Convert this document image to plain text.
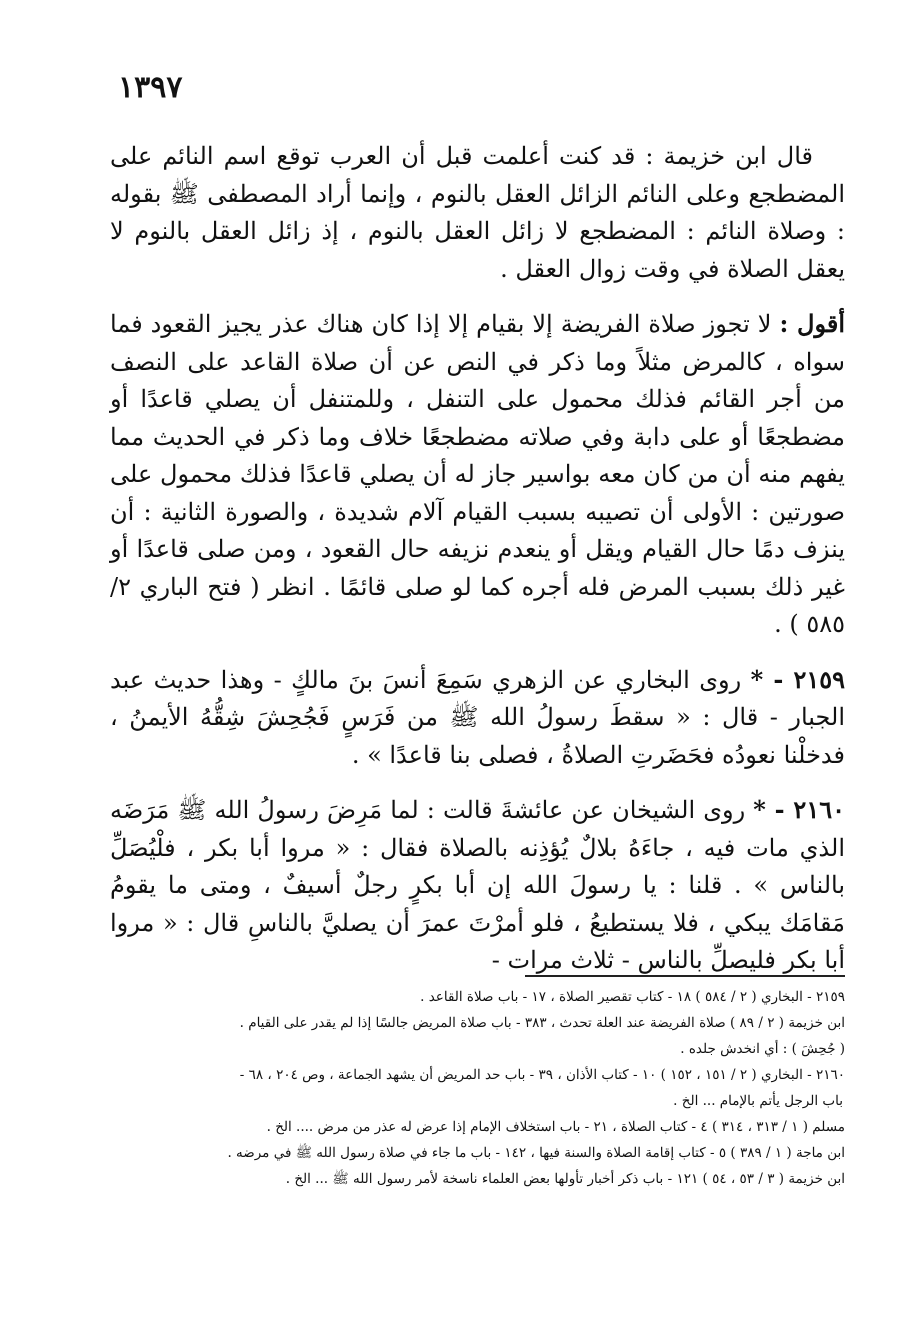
١٣٩٧

قال ابن خزيمة : قد كنت أعلمت قبل أن العرب توقع اسم النائم على المضطجع وعلى النائم الزائل العقل بالنوم ، وإنما أراد المصطفى ﷺ بقوله : وصلاة النائم : المضطجع لا زائل العقل بالنوم ، إذ زائل العقل بالنوم لا يعقل الصلاة في وقت زوال العقل .

أقول : لا تجوز صلاة الفريضة إلا بقيام إلا إذا كان هناك عذر يجيز القعود فما سواه ، كالمرض مثلاً وما ذكر في النص عن أن صلاة القاعد على النصف من أجر القائم فذلك محمول على التنفل ، وللمتنفل أن يصلي قاعدًا أو مضطجعًا أو على دابة وفي صلاته مضطجعًا خلاف وما ذكر في الحديث مما يفهم منه أن من كان معه بواسير جاز له أن يصلي قاعدًا فذلك محمول على صورتين : الأولى أن تصيبه بسبب القيام آلام شديدة ، والصورة الثانية : أن ينزف دمًا حال القيام ويقل أو ينعدم نزيفه حال القعود ، ومن صلى قاعدًا أو غير ذلك بسبب المرض فله أجره كما لو صلى قائمًا . انظر ( فتح الباري ٢/ ٥٨٥ ) .

٢١٥٩ - * روى البخاري عن الزهري سَمِعَ أنسَ بنَ مالكٍ - وهذا حديث عبد الجبار - قال : « سقطَ رسولُ الله ﷺ من فَرَسٍ فَجُحِشَ شِقُّهُ الأيمنُ ، فدخلْنا نعودُه فحَضَرتِ الصلاةُ ، فصلى بنا قاعدًا » .

٢١٦٠ - * روى الشيخان عن عائشةَ قالت : لما مَرِضَ رسولُ الله ﷺ مَرَضَه الذي مات فيه ، جاءَهُ بلالٌ يُؤذِنه بالصلاة فقال : « مروا أبا بكر ، فلْيُصَلِّ بالناس » . قلنا : يا رسولَ الله إن أبا بكرٍ رجلٌ أسيفٌ ، ومتى ما يقومُ مَقامَك يبكي ، فلا يستطيعُ ، فلو أمرْتَ عمرَ أن يصليَّ بالناسِ قال : « مروا أبا بكر فليصلِّ بالناس - ثلاث مرات -

٢١٥٩ - البخاري ( ٢ / ٥٨٤ ) ١٨ - كتاب تقصير الصلاة ، ١٧ - باب صلاة القاعد .
ابن خزيمة ( ٢ / ٨٩ ) صلاة الفريضة عند العلة تحدث ، ٣٨٣ - باب صلاة المريض جالسًا إذا لم يقدر على القيام .
( جُحِشَ ) : أي انخدش جلده .
٢١٦٠ - البخاري ( ٢ / ١٥١ ، ١٥٢ ) ١٠ - كتاب الأذان ، ٣٩ - باب حد المريض أن يشهد الجماعة ، وص ٢٠٤ ، ٦٨ -
باب الرجل يأتم بالإمام ... الخ .
مسلم ( ١ / ٣١٣ ، ٣١٤ ) ٤ - كتاب الصلاة ، ٢١ - باب استخلاف الإمام إذا عرض له عذر من مرض .... الخ .
ابن ماجة ( ١ / ٣٨٩ ) ٥ - كتاب إقامة الصلاة والسنة فيها ، ١٤٢ - باب ما جاء في صلاة رسول الله ﷺ في مرضه .
ابن خزيمة ( ٣ / ٥٣ ، ٥٤ ) ١٢١ - باب ذكر أخبار تأولها بعض العلماء ناسخة لأمر رسول الله ﷺ ... الخ .
